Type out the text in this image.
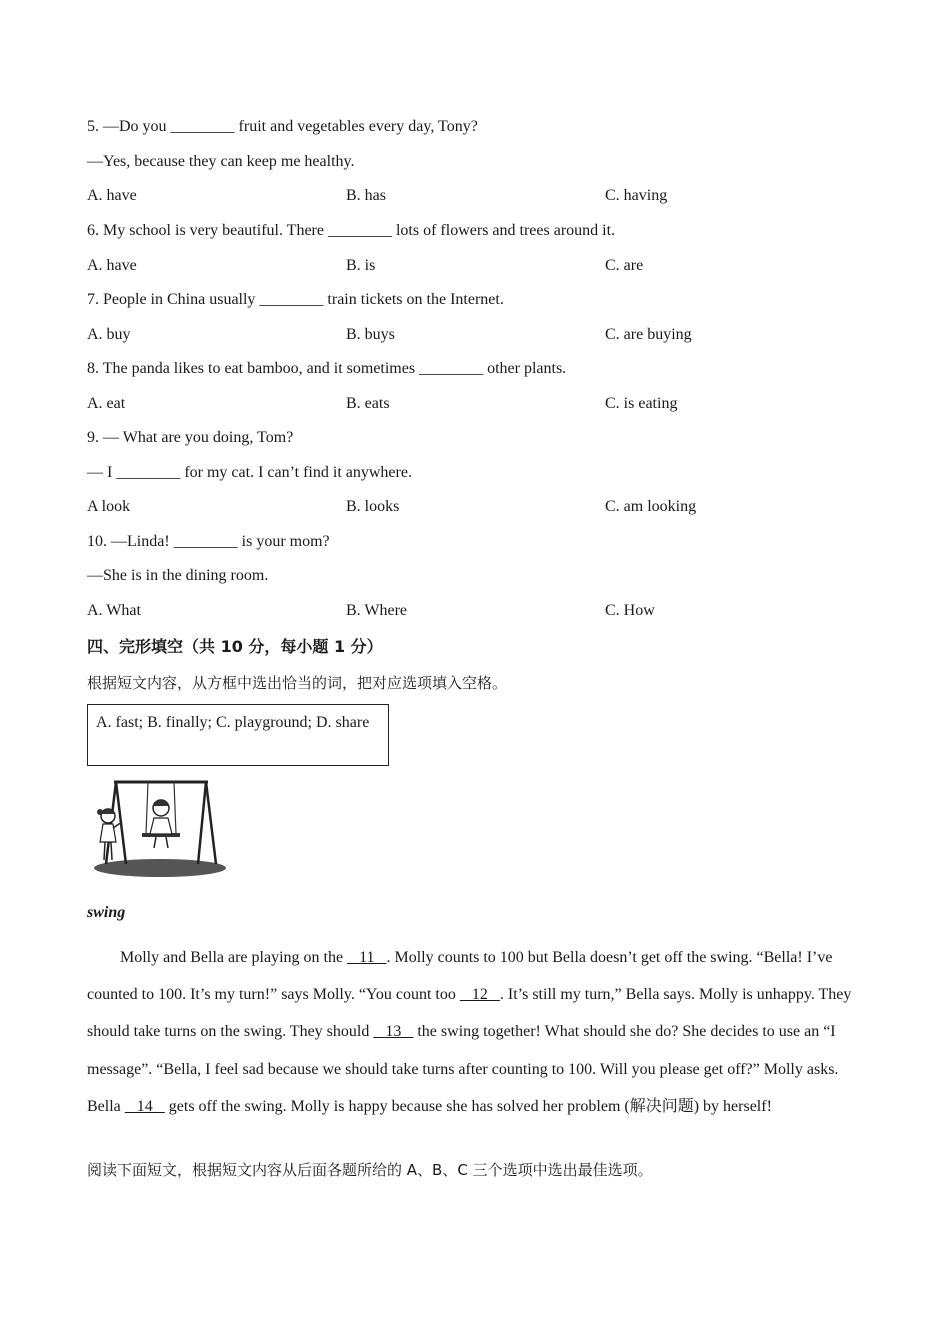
5. —Do you ________ fruit and vegetables every day, Tony?
—Yes, because they can keep me healthy.
A. have	B. has	C. having
6. My school is very beautiful. There ________ lots of flowers and trees around it.
A. have	B. is	C. are
7. People in China usually ________ train tickets on the Internet.
A. buy	B. buys	C. are buying
8. The panda likes to eat bamboo, and it sometimes ________ other plants.
A. eat	B. eats	C. is eating
9. — What are you doing, Tom?
— I ________ for my cat. I can’t find it anywhere.
A look	B. looks	C. am looking
10. —Linda! ________ is your mom?
—She is in the dining room.
A. What	B. Where	C. How
四、完形填空（共 10 分，每小题 1 分）
根据短文内容，从方框中选出恰当的词，把对应选项填入空格。
A. fast; B. finally; C. playground; D. share
swing
Molly and Bella are playing on the    11   . Molly counts to 100 but Bella doesn’t get off the swing. “Bella! I’ve counted to 100. It’s my turn!” says Molly. “You count too    12   . It’s still my turn,” Bella says. Molly is unhappy. They should take turns on the swing. They should    13    the swing together! What should she do? She decides to use an “I message”. “Bella, I feel sad because we should take turns after counting to 100. Will you please get off?” Molly asks. Bella    14    gets off the swing. Molly is happy because she has solved her problem (解决问题) by herself!
阅读下面短文，根据短文内容从后面各题所给的 A、B、C 三个选项中选出最佳选项。
